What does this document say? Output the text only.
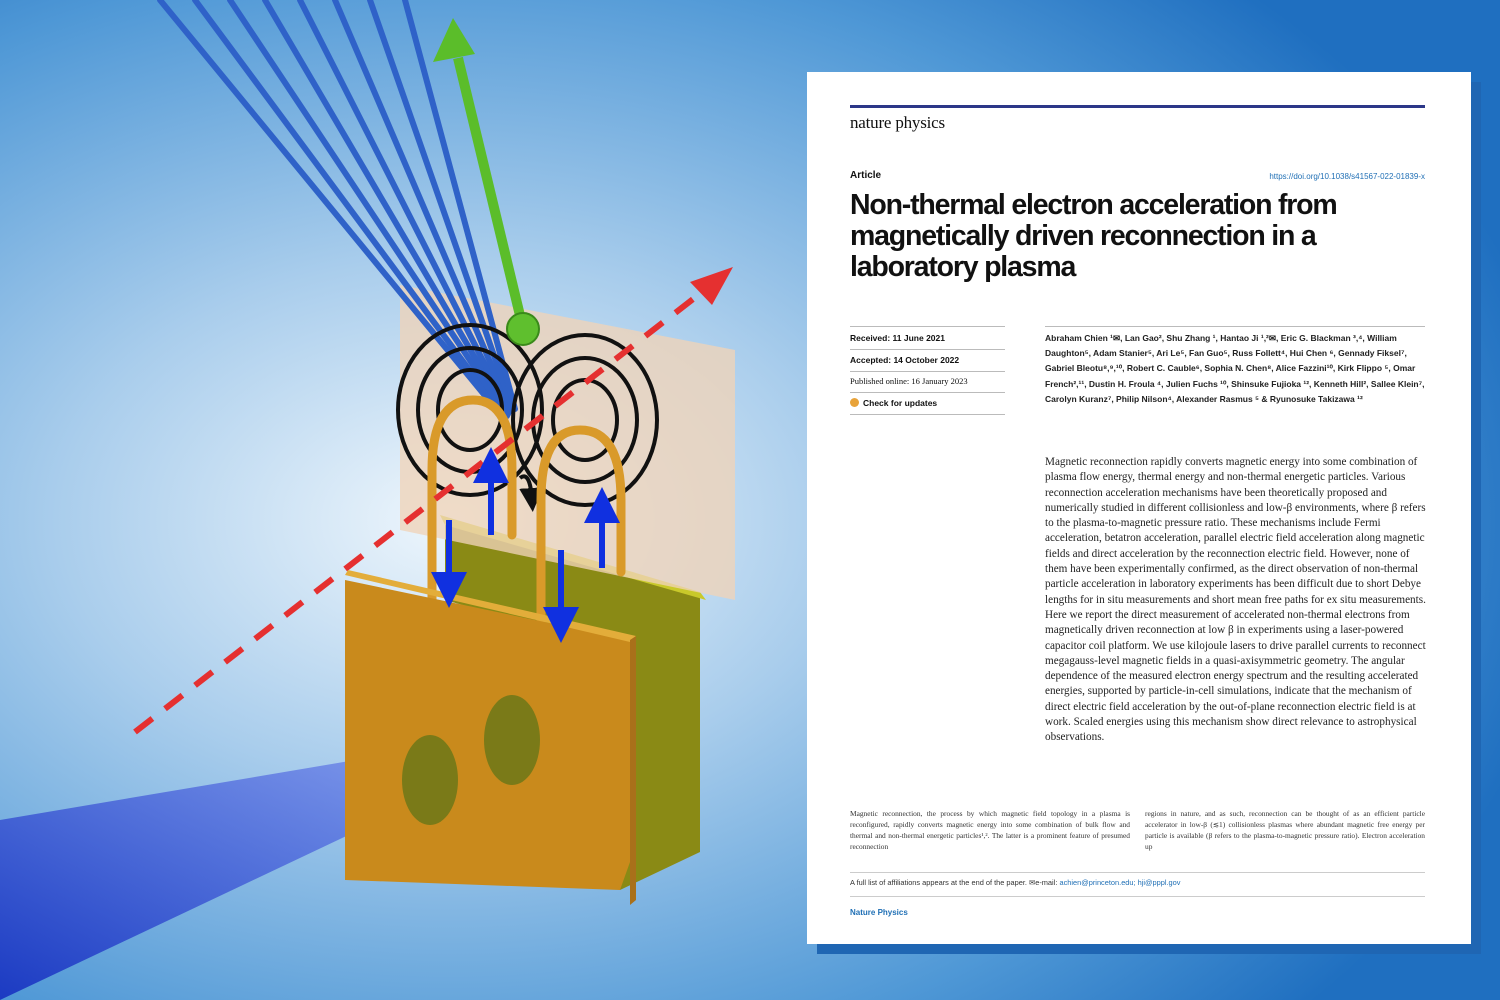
nature physics
Article	https://doi.org/10.1038/s41567-022-01839-x
Non-thermal electron acceleration from magnetically driven reconnection in a laboratory plasma
Received: 11 June 2021
Accepted: 14 October 2022
Published online: 16 January 2023
Check for updates
Abraham Chien ¹✉, Lan Gao², Shu Zhang ¹, Hantao Ji ¹,²✉, Eric G. Blackman ³,⁴, William Daughton⁵, Adam Stanier⁵, Ari Le⁵, Fan Guo⁵, Russ Follett⁴, Hui Chen ⁶, Gennady Fiksel⁷, Gabriel Bleotu⁸,⁹,¹⁰, Robert C. Cauble⁶, Sophia N. Chen⁸, Alice Fazzini¹⁰, Kirk Flippo ⁵, Omar French²,¹¹, Dustin H. Froula ⁴, Julien Fuchs ¹⁰, Shinsuke Fujioka ¹², Kenneth Hill², Sallee Klein⁷, Carolyn Kuranz⁷, Philip Nilson⁴, Alexander Rasmus ⁵ & Ryunosuke Takizawa ¹²
Magnetic reconnection rapidly converts magnetic energy into some combination of plasma flow energy, thermal energy and non-thermal energetic particles. Various reconnection acceleration mechanisms have been theoretically proposed and numerically studied in different collisionless and low-β environments, where β refers to the plasma-to-magnetic pressure ratio. These mechanisms include Fermi acceleration, betatron acceleration, parallel electric field acceleration along magnetic fields and direct acceleration by the reconnection electric field. However, none of them have been experimentally confirmed, as the direct observation of non-thermal particle acceleration in laboratory experiments has been difficult due to short Debye lengths for in situ measurements and short mean free paths for ex situ measurements. Here we report the direct measurement of accelerated non-thermal electrons from magnetically driven reconnection at low β in experiments using a laser-powered capacitor coil platform. We use kilojoule lasers to drive parallel currents to reconnect megagauss-level magnetic fields in a quasi-axisymmetric geometry. The angular dependence of the measured electron energy spectrum and the resulting accelerated energies, supported by particle-in-cell simulations, indicate that the mechanism of direct electric field acceleration by the out-of-plane reconnection electric field is at work. Scaled energies using this mechanism show direct relevance to astrophysical observations.
Magnetic reconnection, the process by which magnetic field topology in a plasma is reconfigured, rapidly converts magnetic energy into some combination of bulk flow and thermal and non-thermal energetic particles¹,². The latter is a prominent feature of presumed reconnection
regions in nature, and as such, reconnection can be thought of as an efficient particle accelerator in low-β (≲1) collisionless plasmas where abundant magnetic free energy per particle is available (β refers to the plasma-to-magnetic pressure ratio). Electron acceleration up
A full list of affiliations appears at the end of the paper. ✉e-mail: achien@princeton.edu; hji@pppl.gov
Nature Physics
